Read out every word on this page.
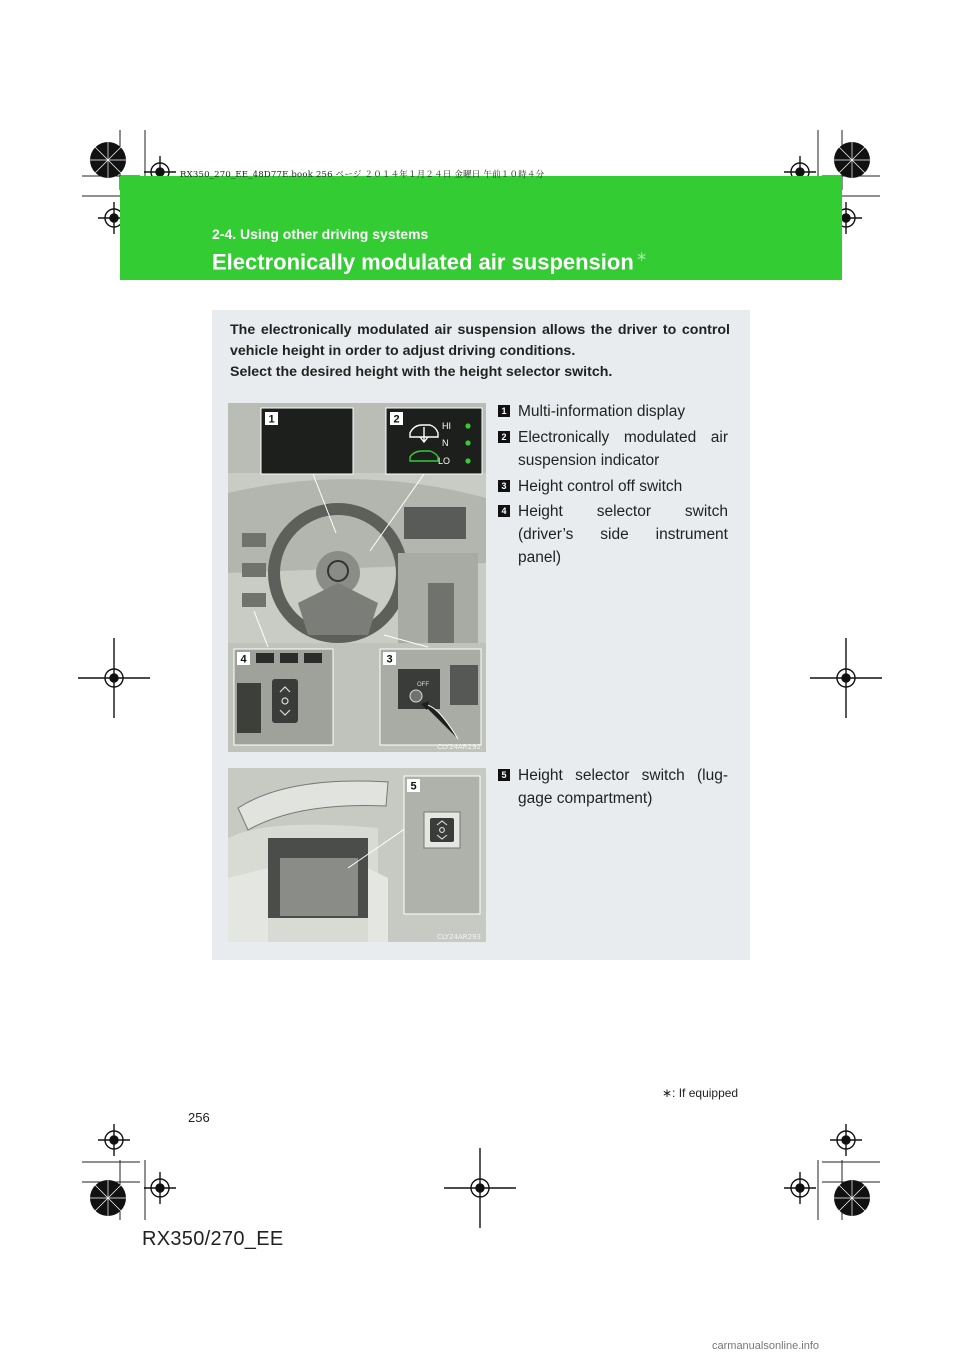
RX350_270_EE_48D77E.book 256 ページ ２０１４年１月２４日 金曜日 午前１０時４分
2-4. Using other driving systems
Electronically modulated air suspension ∗
The electronically modulated air suspension allows the driver to control
vehicle height in order to adjust driving conditions.
Select the desired height with the height selector switch.
1	2
HI
N
LO
4	3
OFF
CLY24AR292
5
CLY24AR293
1 Multi-information display
2 Electronically modulated air
suspension indicator
3 Height control off switch
4 Height selector switch
(driver’s side instrument
panel)
5 Height selector switch (lug-
gage compartment)
∗: If equipped
256
RX350/270_EE
carmanualsonline.info
